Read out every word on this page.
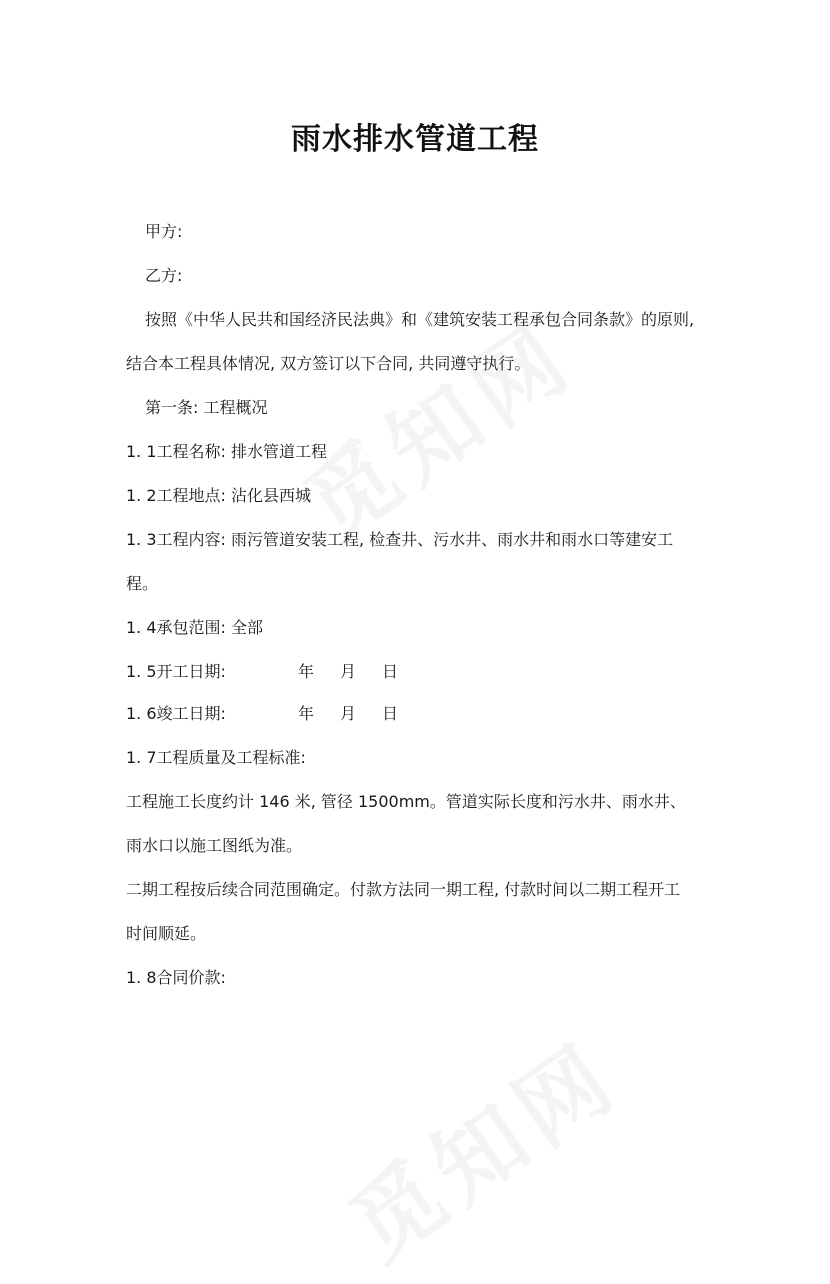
雨水排水管道工程
甲方:
乙方:
按照《中华人民共和国经济民法典》和《建筑安装工程承包合同条款》的原则,
结合本工程具体情况, 双方签订以下合同, 共同遵守执行。
第一条: 工程概况
1. 1工程名称: 排水管道工程
1. 2工程地点: 沾化县西城
1. 3工程内容: 雨污管道安装工程, 检查井、污水井、雨水井和雨水口等建安工
程。
1. 4承包范围: 全部
1. 5开工日期:	年 月 日
1. 6竣工日期:	年 月 日
1. 7工程质量及工程标准:
工程施工长度约计 146 米, 管径 1500mm。管道实际长度和污水井、雨水井、
雨水口以施工图纸为准。
二期工程按后续合同范围确定。付款方法同一期工程, 付款时间以二期工程开工
时间顺延。
1. 8合同价款:
